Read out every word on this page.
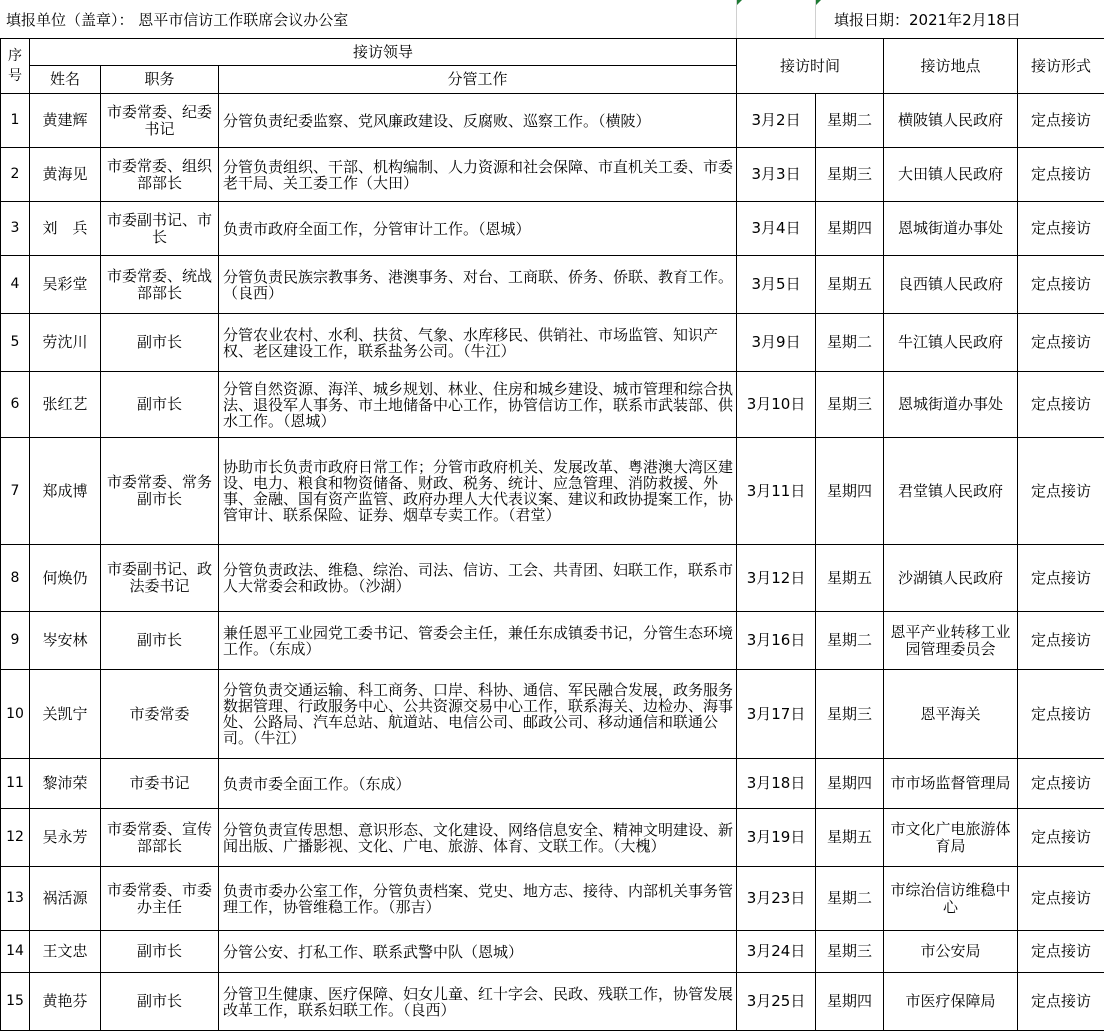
填报单位（盖章）： 恩平市信访工作联席会议办公室	填报日期：2021年2月18日
序号	接访领导			接访时间		接访地点	接访形式
	姓名	职务	分管工作				
1	黄建辉	市委常委、纪委书记	分管负责纪委监察、党风廉政建设、反腐败、巡察工作。（横陂）	3月2日	星期二	横陂镇人民政府	定点接访
2	黄海见	市委常委、组织部部长	分管负责组织、干部、机构编制、人力资源和社会保障、市直机关工委、市委老干局、关工委工作（大田）	3月3日	星期三	大田镇人民政府	定点接访
3	刘　兵	市委副书记、市长	负责市政府全面工作，分管审计工作。（恩城）	3月4日	星期四	恩城街道办事处	定点接访
4	吴彩堂	市委常委、统战部部长	分管负责民族宗教事务、港澳事务、对台、工商联、侨务、侨联、教育工作。（良西）	3月5日	星期五	良西镇人民政府	定点接访
5	劳沈川	副市长	分管农业农村、水利、扶贫、气象、水库移民、供销社、市场监管、知识产权、老区建设工作，联系盐务公司。（牛江）	3月9日	星期二	牛江镇人民政府	定点接访
6	张红艺	副市长	分管自然资源、海洋、城乡规划、林业、住房和城乡建设、城市管理和综合执法、退役军人事务、市土地储备中心工作，协管信访工作，联系市武装部、供水工作。（恩城）	3月10日	星期三	恩城街道办事处	定点接访
7	郑成博	市委常委、常务副市长	协助市长负责市政府日常工作；分管市政府机关、发展改革、粤港澳大湾区建设、电力、粮食和物资储备、财政、税务、统计、应急管理、消防救援、外事、金融、国有资产监管、政府办理人大代表议案、建议和政协提案工作，协管审计、联系保险、证券、烟草专卖工作。（君堂）	3月11日	星期四	君堂镇人民政府	定点接访
8	何焕仍	市委副书记、政法委书记	分管负责政法、维稳、综治、司法、信访、工会、共青团、妇联工作，联系市人大常委会和政协。（沙湖）	3月12日	星期五	沙湖镇人民政府	定点接访
9	岑安林	副市长	兼任恩平工业园党工委书记、管委会主任，兼任东成镇委书记，分管生态环境工作。（东成）	3月16日	星期二	恩平产业转移工业园管理委员会	定点接访
10	关凯宁	市委常委	分管负责交通运输、科工商务、口岸、科协、通信、军民融合发展，政务服务数据管理、行政服务中心、公共资源交易中心工作，联系海关、边检办、海事处、公路局、汽车总站、航道站、电信公司、邮政公司、移动通信和联通公司。（牛江）	3月17日	星期三	恩平海关	定点接访
11	黎沛荣	市委书记	负责市委全面工作。（东成）	3月18日	星期四	市市场监督管理局	定点接访
12	吴永芳	市委常委、宣传部部长	分管负责宣传思想、意识形态、文化建设、网络信息安全、精神文明建设、新闻出版、广播影视、文化、广电、旅游、体育、文联工作。（大槐）	3月19日	星期五	市文化广电旅游体育局	定点接访
13	祸活源	市委常委、市委办主任	负责市委办公室工作，分管负责档案、党史、地方志、接待、内部机关事务管理工作，协管维稳工作。（那吉）	3月23日	星期二	市综治信访维稳中心	定点接访
14	王文忠	副市长	分管公安、打私工作、联系武警中队（恩城）	3月24日	星期三	市公安局	定点接访
15	黄艳芬	副市长	分管卫生健康、医疗保障、妇女儿童、红十字会、民政、残联工作，协管发展改革工作，联系妇联工作。（良西）	3月25日	星期四	市医疗保障局	定点接访
